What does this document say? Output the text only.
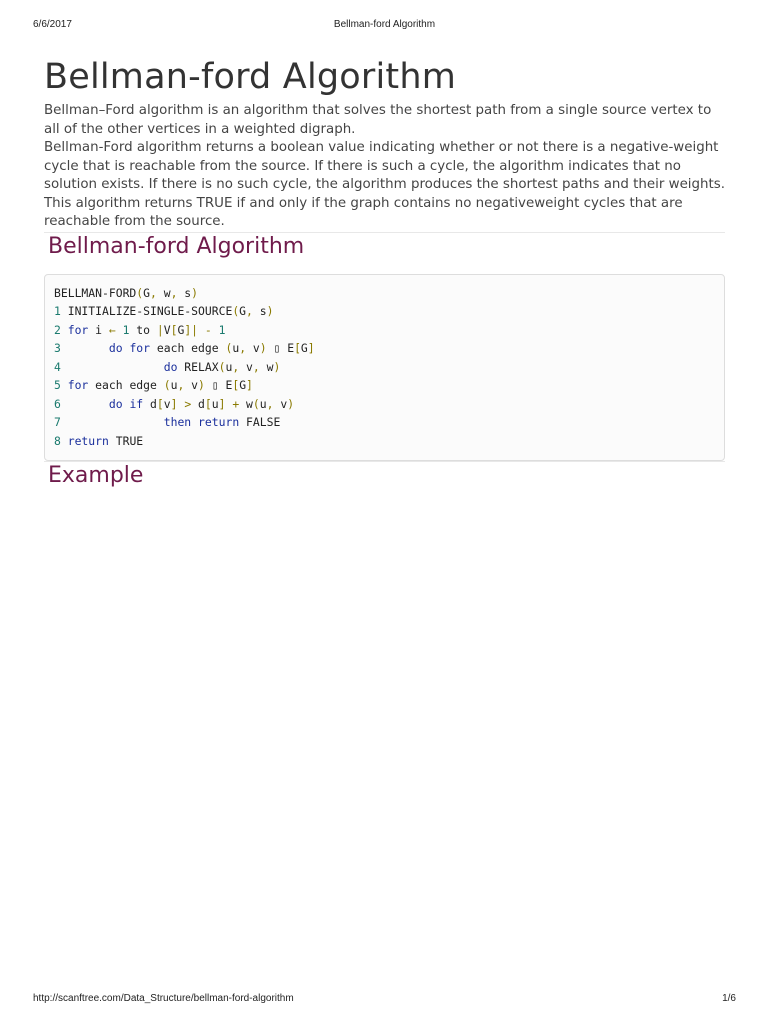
6/6/2017	Bellman-ford Algorithm
Bellman-ford Algorithm

Bellman–Ford algorithm is an algorithm that solves the shortest path from a single source vertex to all of the other vertices in a weighted digraph.

Bellman-Ford algorithm returns a boolean value indicating whether or not there is a negative-weight cycle that is reachable from the source. If there is such a cycle, the algorithm indicates that no solution exists. If there is no such cycle, the algorithm produces the shortest paths and their weights.

This algorithm returns TRUE if and only if the graph contains no negativeweight cycles that are reachable from the source.

Bellman-ford Algorithm
BELLMAN-FORD(G, w, s)
1 INITIALIZE-SINGLE-SOURCE(G, s)
2 for i ← 1 to |V[G]| - 1
3	do for each edge (u, v) ▯ E[G]
4	do RELAX(u, v, w)
5 for each edge (u, v) ▯ E[G]
6	do if d[v] > d[u] + w(u, v)
7	then return FALSE
8 return TRUE
Example
http://scanftree.com/Data_Structure/bellman-ford-algorithm	1/6
